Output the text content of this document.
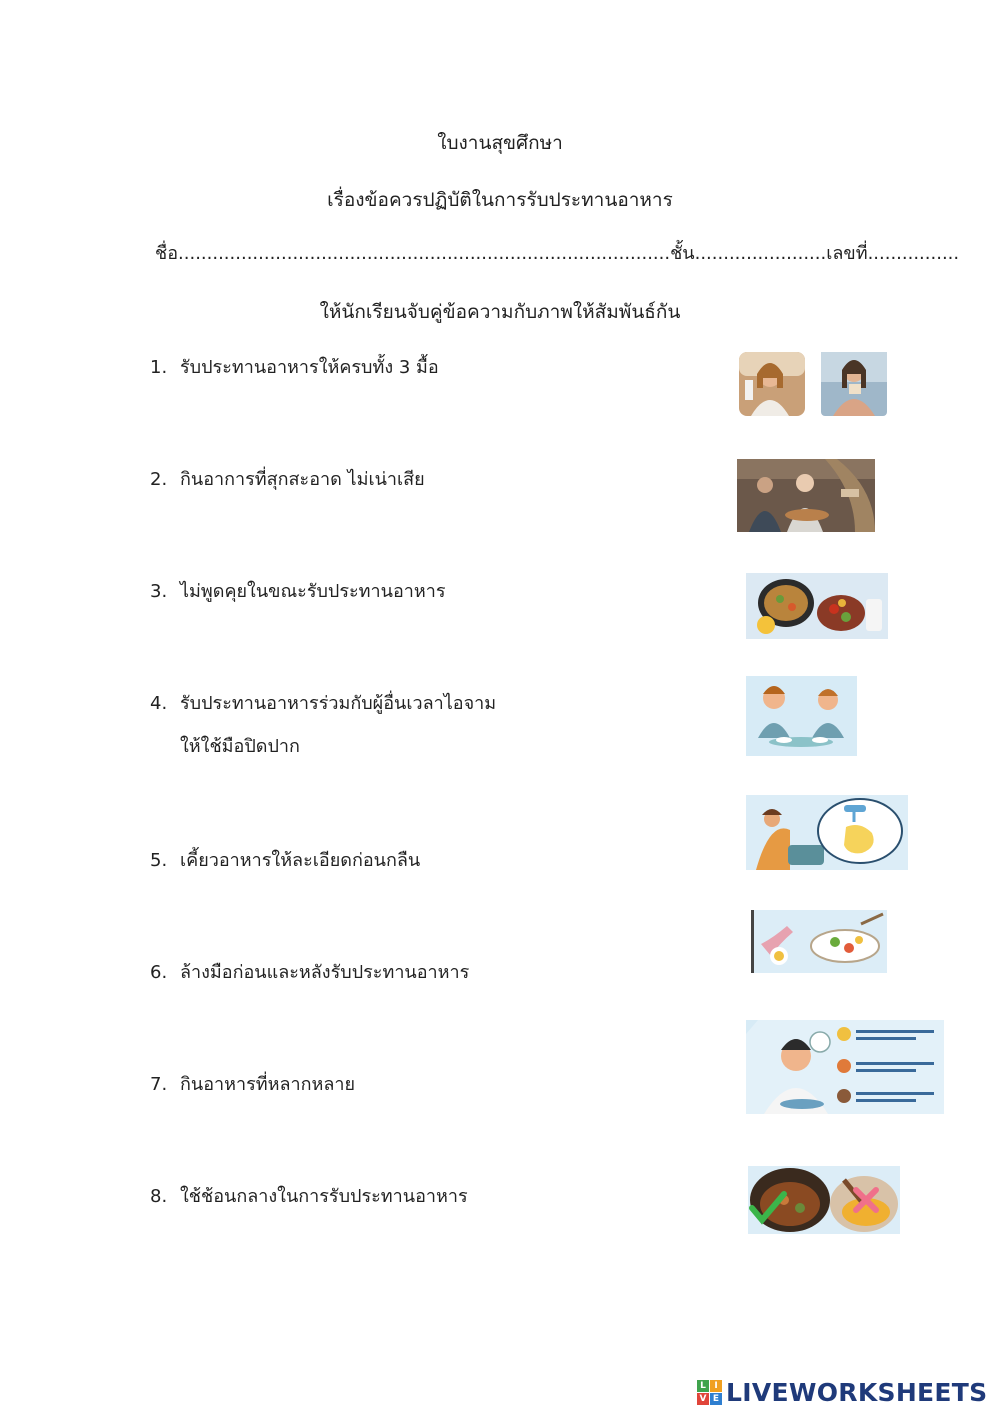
ใบงานสุขศึกษา
เรื่องข้อควรปฏิบัติในการรับประทานอาหาร
ชื่อ......................................................................................ชั้น.......................เลขที่................
ให้นักเรียนจับคู่ข้อความกับภาพให้สัมพันธ์กัน
1. รับประทานอาหารให้ครบทั้ง 3 มื้อ
2. กินอาการที่สุกสะอาด ไม่เน่าเสีย
3. ไม่พูดคุยในขณะรับประทานอาหาร
4. รับประทานอาหารร่วมกับผู้อื่นเวลาไอจาม
ให้ใช้มือปิดปาก
5. เคี้ยวอาหารให้ละเอียดก่อนกลืน
6. ล้างมือก่อนและหลังรับประทานอาหาร
7. กินอาหารที่หลากหลาย
8. ใช้ช้อนกลางในการรับประทานอาหาร
L I
V E LIVEWORKSHEETS
